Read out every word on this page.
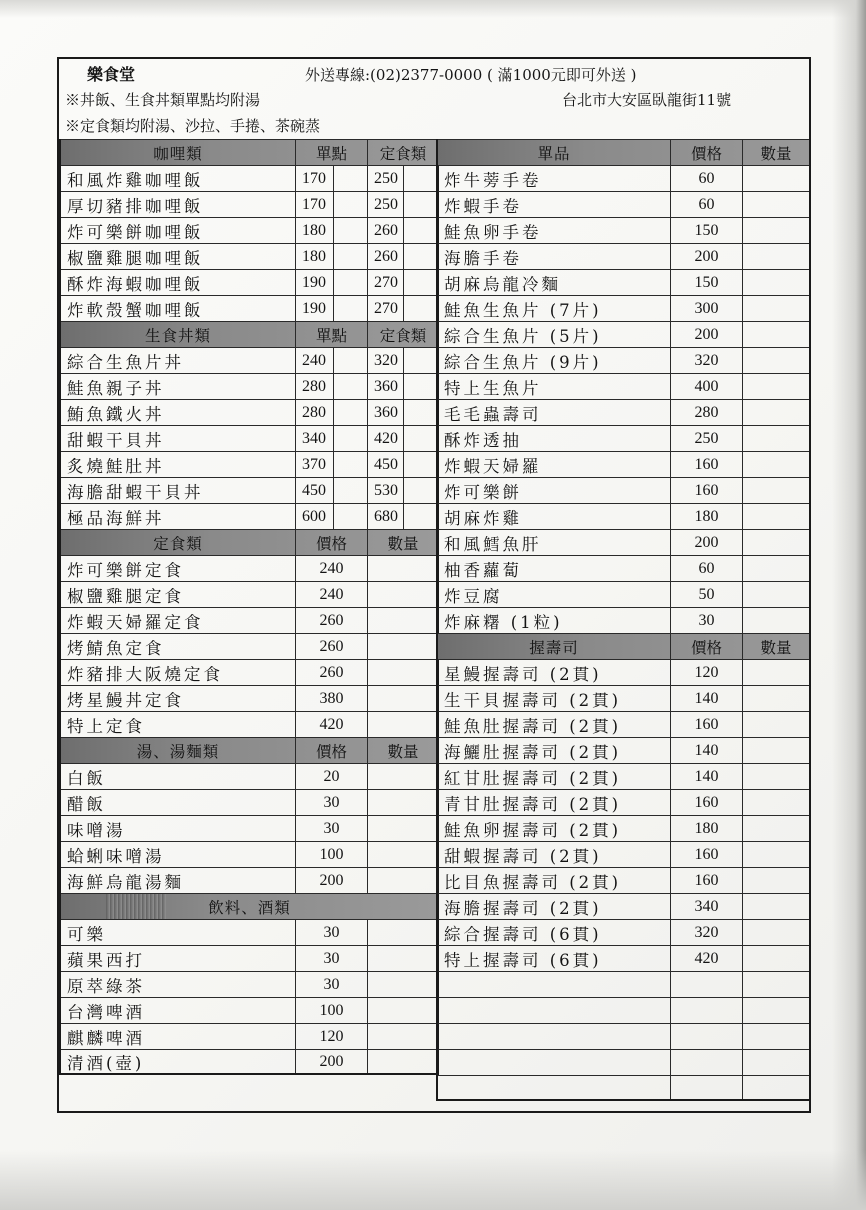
樂食堂	外送專線:(02)2377-0000 ( 滿1000元即可外送 )
※丼飯、生食丼類單點均附湯	台北市大安區臥龍街11號
※定食類均附湯、沙拉、手捲、茶碗蒸
咖哩類	單點	定食類
和風炸雞咖哩飯	170	250
厚切豬排咖哩飯	170	250
炸可樂餅咖哩飯	180	260
椒鹽雞腿咖哩飯	180	260
酥炸海蝦咖哩飯	190	270
炸軟殼蟹咖哩飯	190	270
生食丼類	單點	定食類
綜合生魚片丼	240	320
鮭魚親子丼	280	360
鮪魚鐵火丼	280	360
甜蝦干貝丼	340	420
炙燒鮭肚丼	370	450
海膽甜蝦干貝丼	450	530
極品海鮮丼	600	680
定食類	價格	數量
炸可樂餅定食	240
椒鹽雞腿定食	240
炸蝦天婦羅定食	260
烤鯖魚定食	260
炸豬排大阪燒定食	260
烤星鰻丼定食	380
特上定食	420
湯、湯麵類	價格	數量
白飯	20
醋飯	30
味噌湯	30
蛤蜊味噌湯	100
海鮮烏龍湯麵	200
飲料、酒類
可樂	30
蘋果西打	30
原萃綠茶	30
台灣啤酒	100
麒麟啤酒	120
清酒(壺)	200
單品	價格	數量
炸牛蒡手卷	60
炸蝦手卷	60
鮭魚卵手卷	150
海膽手卷	200
胡麻烏龍冷麵	150
鮭魚生魚片 (7片)	300
綜合生魚片 (5片)	200
綜合生魚片 (9片)	320
特上生魚片	400
毛毛蟲壽司	280
酥炸透抽	250
炸蝦天婦羅	160
炸可樂餅	160
胡麻炸雞	180
和風鱈魚肝	200
柚香蘿蔔	60
炸豆腐	50
炸麻糬 (1粒)	30
握壽司	價格	數量
星鰻握壽司 (2貫)	120
生干貝握壽司 (2貫)	140
鮭魚肚握壽司 (2貫)	160
海鱺肚握壽司 (2貫)	140
紅甘肚握壽司 (2貫)	140
青甘肚握壽司 (2貫)	160
鮭魚卵握壽司 (2貫)	180
甜蝦握壽司 (2貫)	160
比目魚握壽司 (2貫)	160
海膽握壽司 (2貫)	340
綜合握壽司 (6貫)	320
特上握壽司 (6貫)	420
